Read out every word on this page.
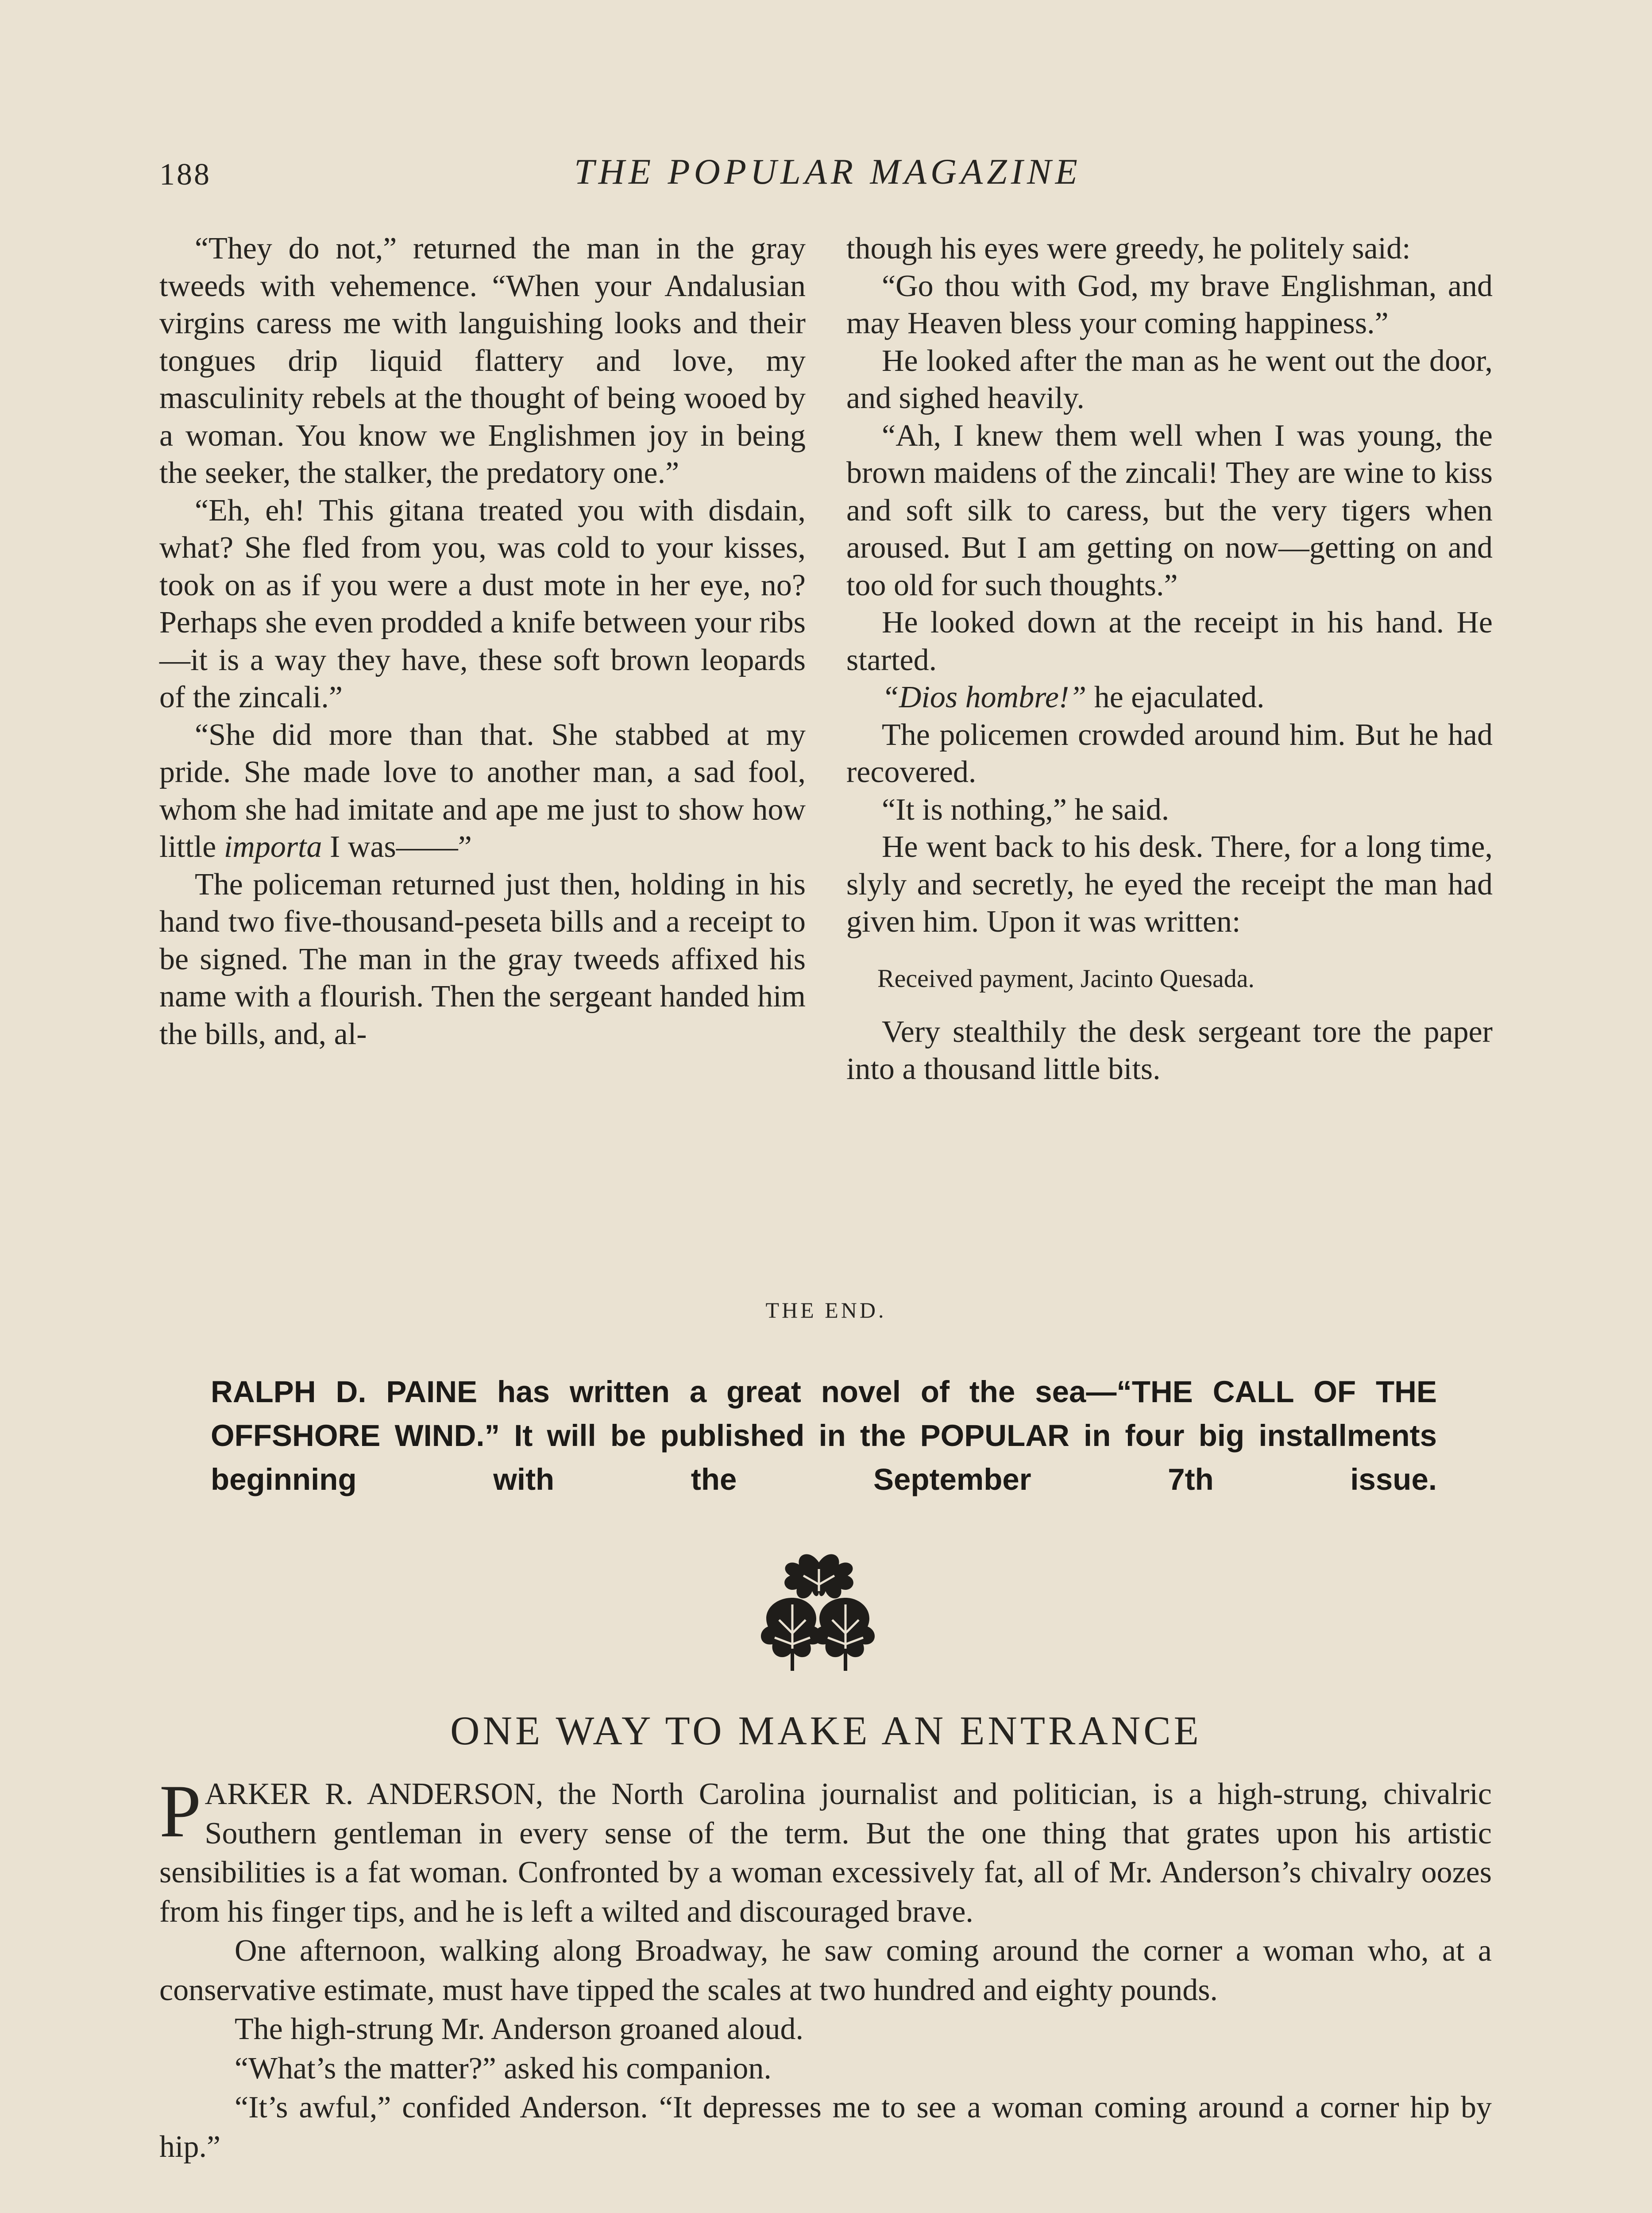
188	THE POPULAR MAGAZINE

“They do not,” returned the man in the gray tweeds with vehemence. “When your Andalusian virgins caress me with languishing looks and their tongues drip liquid flattery and love, my masculinity rebels at the thought of being wooed by a woman. You know we Englishmen joy in being the seeker, the stalker, the predatory one.”

“Eh, eh! This gitana treated you with disdain, what? She fled from you, was cold to your kisses, took on as if you were a dust mote in her eye, no? Perhaps she even prodded a knife between your ribs—it is a way they have, these soft brown leopards of the zincali.”

“She did more than that. She stabbed at my pride. She made love to another man, a sad fool, whom she had imitate and ape me just to show how little importa I was——”

The policeman returned just then, holding in his hand two five-thousand-peseta bills and a receipt to be signed. The man in the gray tweeds affixed his name with a flourish. Then the sergeant handed him the bills, and, al-

though his eyes were greedy, he politely said:

“Go thou with God, my brave Englishman, and may Heaven bless your coming happiness.”

He looked after the man as he went out the door, and sighed heavily.

“Ah, I knew them well when I was young, the brown maidens of the zincali! They are wine to kiss and soft silk to caress, but the very tigers when aroused. But I am getting on now—getting on and too old for such thoughts.”

He looked down at the receipt in his hand. He started.

“Dios hombre!” he ejaculated.

The policemen crowded around him. But he had recovered.

“It is nothing,” he said.

He went back to his desk. There, for a long time, slyly and secretly, he eyed the receipt the man had given him. Upon it was written:

Received payment, Jacinto Quesada.

Very stealthily the desk sergeant tore the paper into a thousand little bits.

THE END.
RALPH D. PAINE has written a great novel of the sea—“THE CALL OF THE OFFSHORE WIND.” It will be published in the POPULAR in four big installments beginning with the September 7th issue.
ONE WAY TO MAKE AN ENTRANCE

PARKER R. ANDERSON, the North Carolina journalist and politician, is a high-strung, chivalric Southern gentleman in every sense of the term. But the one thing that grates upon his artistic sensibilities is a fat woman. Confronted by a woman excessively fat, all of Mr. Anderson’s chivalry oozes from his finger tips, and he is left a wilted and discouraged brave.

One afternoon, walking along Broadway, he saw coming around the corner a woman who, at a conservative estimate, must have tipped the scales at two hundred and eighty pounds.

The high-strung Mr. Anderson groaned aloud.

“What’s the matter?” asked his companion.

“It’s awful,” confided Anderson. “It depresses me to see a woman coming around a corner hip by hip.”
